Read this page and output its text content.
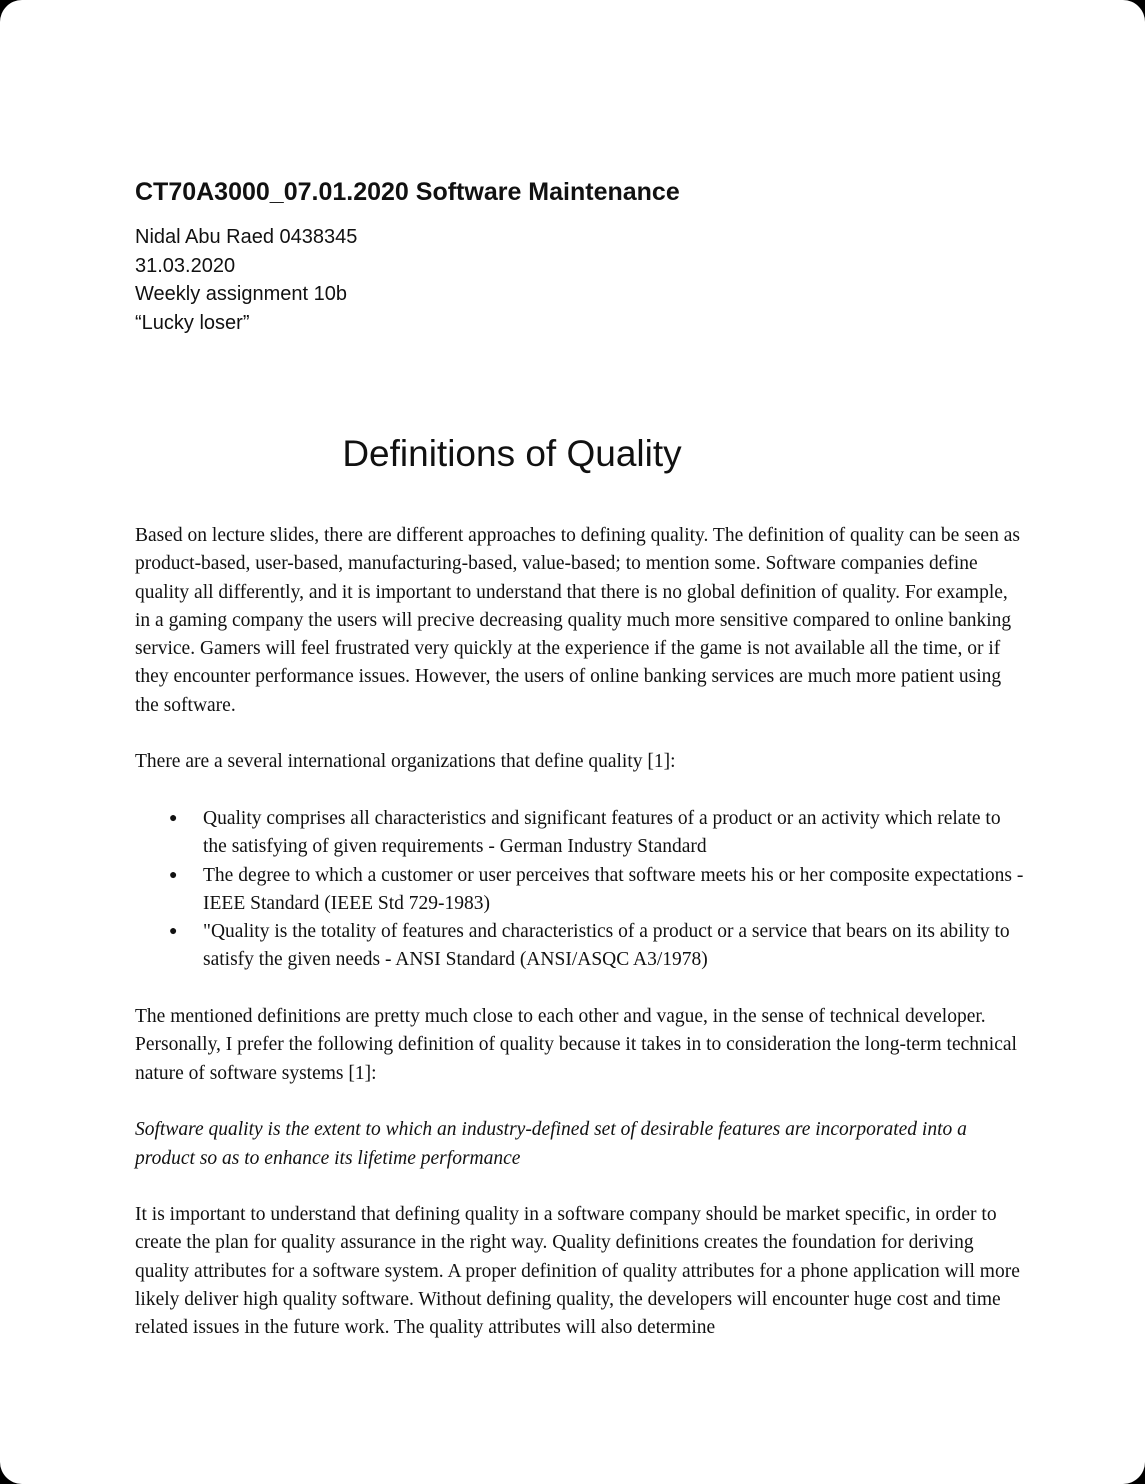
CT70A3000_07.01.2020 Software Maintenance
Nidal Abu Raed 0438345
31.03.2020
Weekly assignment 10b
“Lucky loser”
Definitions of Quality

Based on lecture slides, there are different approaches to defining quality. The definition of quality can be seen as product-based, user-based, manufacturing-based, value-based; to mention some. Software companies define quality all differently, and it is important to understand that there is no global definition of quality. For example, in a gaming company the users will precive decreasing quality much more sensitive compared to online banking service. Gamers will feel frustrated very quickly at the experience if the game is not available all the time, or if they encounter performance issues. However, the users of online banking services are much more patient using the software.

There are a several international organizations that define quality [1]:

● Quality comprises all characteristics and significant features of a product or an activity which relate to the satisfying of given requirements - German Industry Standard
● The degree to which a customer or user perceives that software meets his or her composite expectations - IEEE Standard (IEEE Std 729-1983)
● "Quality is the totality of features and characteristics of a product or a service that bears on its ability to satisfy the given needs - ANSI Standard (ANSI/ASQC A3/1978)

The mentioned definitions are pretty much close to each other and vague, in the sense of technical developer. Personally, I prefer the following definition of quality because it takes in to consideration the long-term technical nature of software systems [1]:

Software quality is the extent to which an industry-defined set of desirable features are incorporated into a product so as to enhance its lifetime performance

It is important to understand that defining quality in a software company should be market specific, in order to create the plan for quality assurance in the right way. Quality definitions creates the foundation for deriving quality attributes for a software system. A proper definition of quality attributes for a phone application will more likely deliver high quality software. Without defining quality, the developers will encounter huge cost and time related issues in the future work. The quality attributes will also determine
